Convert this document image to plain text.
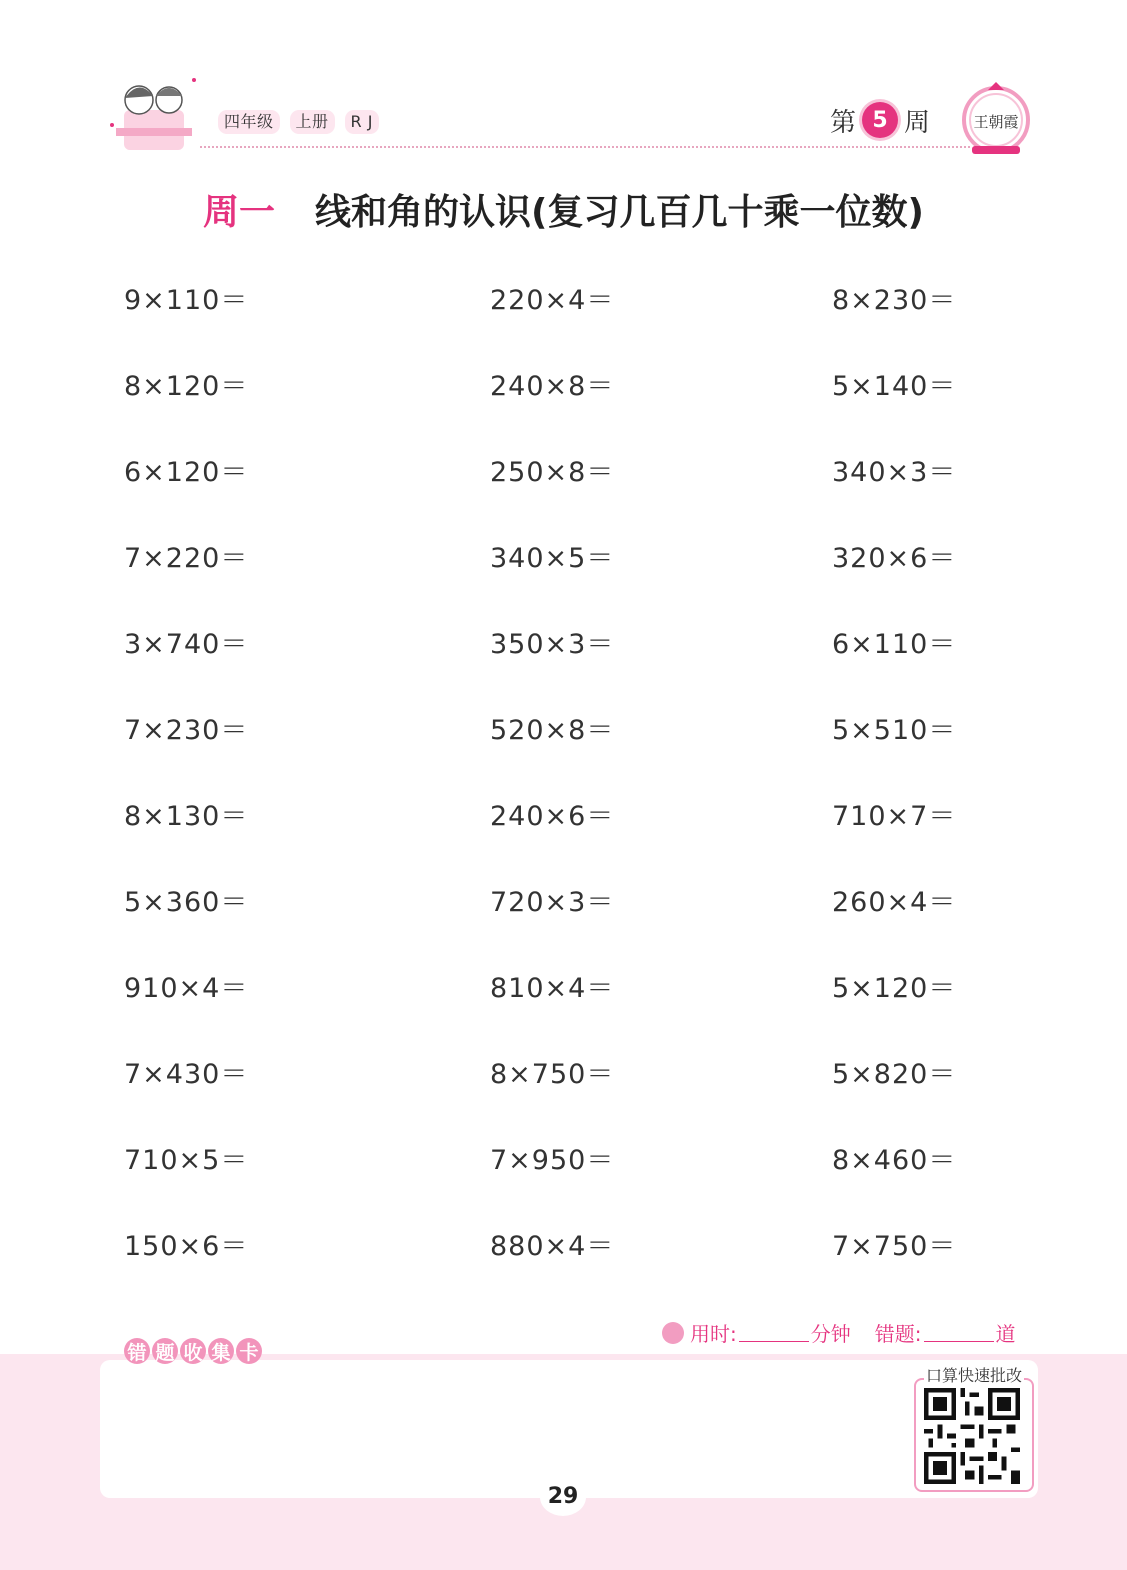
四年级	上册	R J	第 5 周	王朝霞
周一 线和角的认识(复习几百几十乘一位数)
9×110＝	220×4＝	8×230＝
8×120＝	240×8＝	5×140＝
6×120＝	250×8＝	340×3＝
7×220＝	340×5＝	320×6＝
3×740＝	350×3＝	6×110＝
7×230＝	520×8＝	5×510＝
8×130＝	240×6＝	710×7＝
5×360＝	720×3＝	260×4＝
910×4＝	810×4＝	5×120＝
7×430＝	8×750＝	5×820＝
710×5＝	7×950＝	8×460＝
150×6＝	880×4＝	7×750＝
用时:	分钟 错题:	道
错 题 收 集 卡
口算快速批改
29
